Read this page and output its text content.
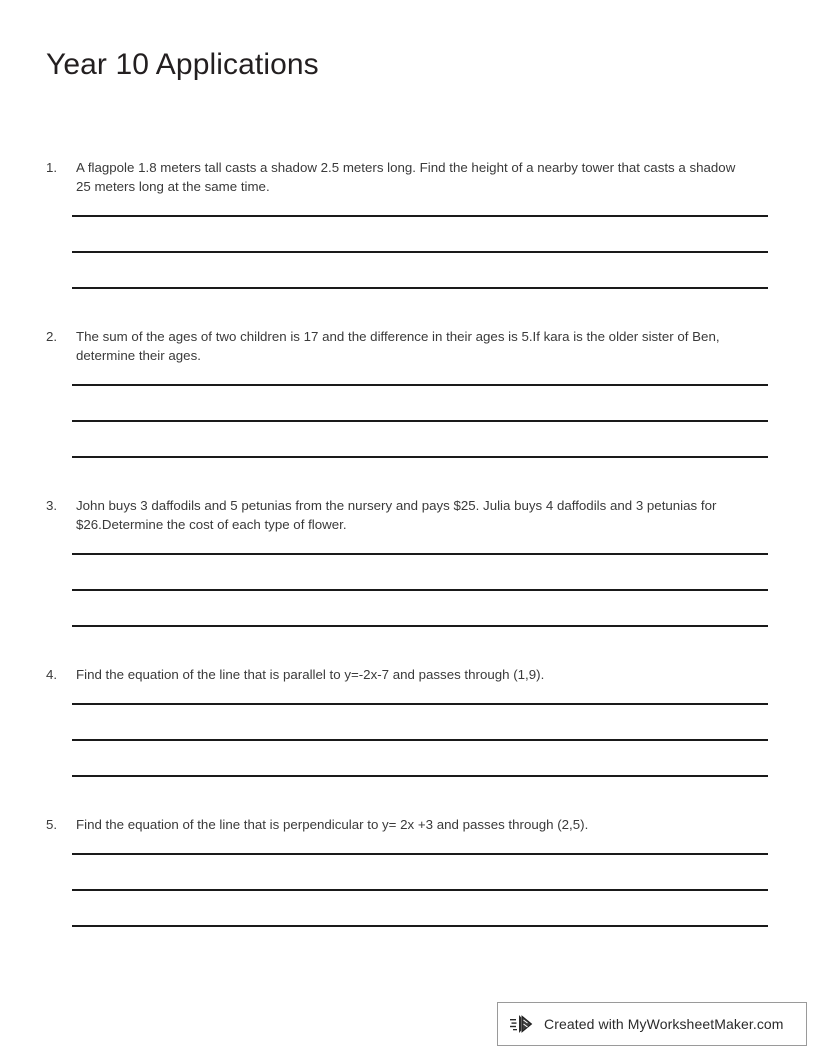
Year 10 Applications
1.	A flagpole 1.8 meters tall casts a shadow 2.5 meters long. Find the height of a nearby tower that casts a shadow 25 meters long at the same time.
2.	The sum of the ages of two children is 17 and the difference in their ages is 5.If kara is the older sister of Ben, determine their ages.
3.	John buys 3 daffodils and 5 petunias from the nursery and pays $25. Julia buys 4 daffodils and 3 petunias for $26.Determine the cost of each type of flower.
4.	Find the equation of the line that is parallel to y=-2x-7 and passes through (1,9).
5.	Find the equation of the line that is perpendicular to y= 2x +3 and passes through (2,5).
Created with MyWorksheetMaker.com
